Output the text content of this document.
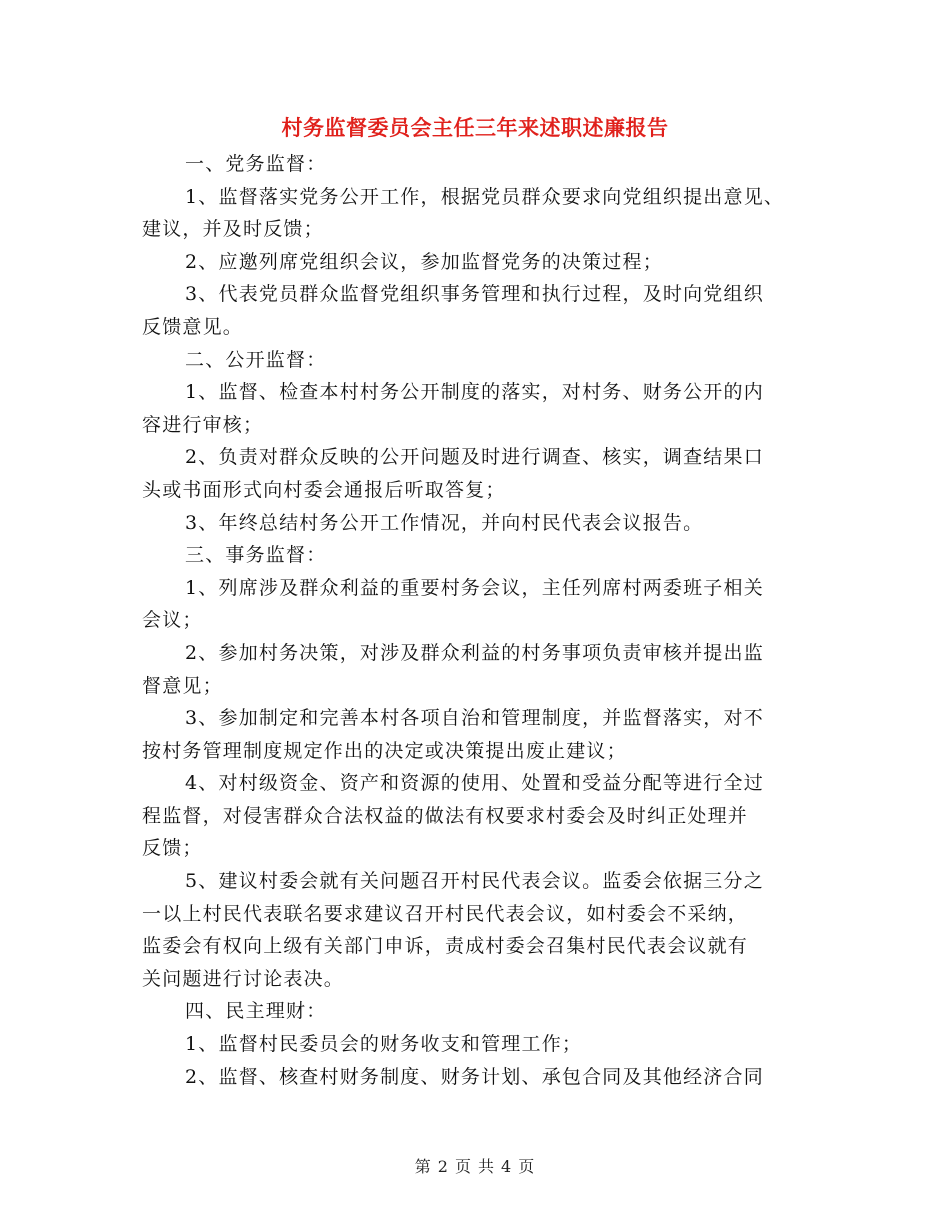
村务监督委员会主任三年来述职述廉报告

一、党务监督：

1、监督落实党务公开工作，根据党员群众要求向党组织提出意见、

建议，并及时反馈；

2、应邀列席党组织会议，参加监督党务的决策过程；

3、代表党员群众监督党组织事务管理和执行过程，及时向党组织

反馈意见。

二、公开监督：

1、监督、检查本村村务公开制度的落实，对村务、财务公开的内

容进行审核；

2、负责对群众反映的公开问题及时进行调查、核实，调查结果口

头或书面形式向村委会通报后听取答复；

3、年终总结村务公开工作情况，并向村民代表会议报告。

三、事务监督：

1、列席涉及群众利益的重要村务会议，主任列席村两委班子相关

会议；

2、参加村务决策，对涉及群众利益的村务事项负责审核并提出监

督意见；

3、参加制定和完善本村各项自治和管理制度，并监督落实，对不

按村务管理制度规定作出的决定或决策提出废止建议；

4、对村级资金、资产和资源的使用、处置和受益分配等进行全过

程监督，对侵害群众合法权益的做法有权要求村委会及时纠正处理并

反馈；

5、建议村委会就有关问题召开村民代表会议。监委会依据三分之

一以上村民代表联名要求建议召开村民代表会议，如村委会不采纳，

监委会有权向上级有关部门申诉，责成村委会召集村民代表会议就有

关问题进行讨论表决。

四、民主理财：

1、监督村民委员会的财务收支和管理工作；

2、监督、核查村财务制度、财务计划、承包合同及其他经济合同

第 2 页 共 4 页
